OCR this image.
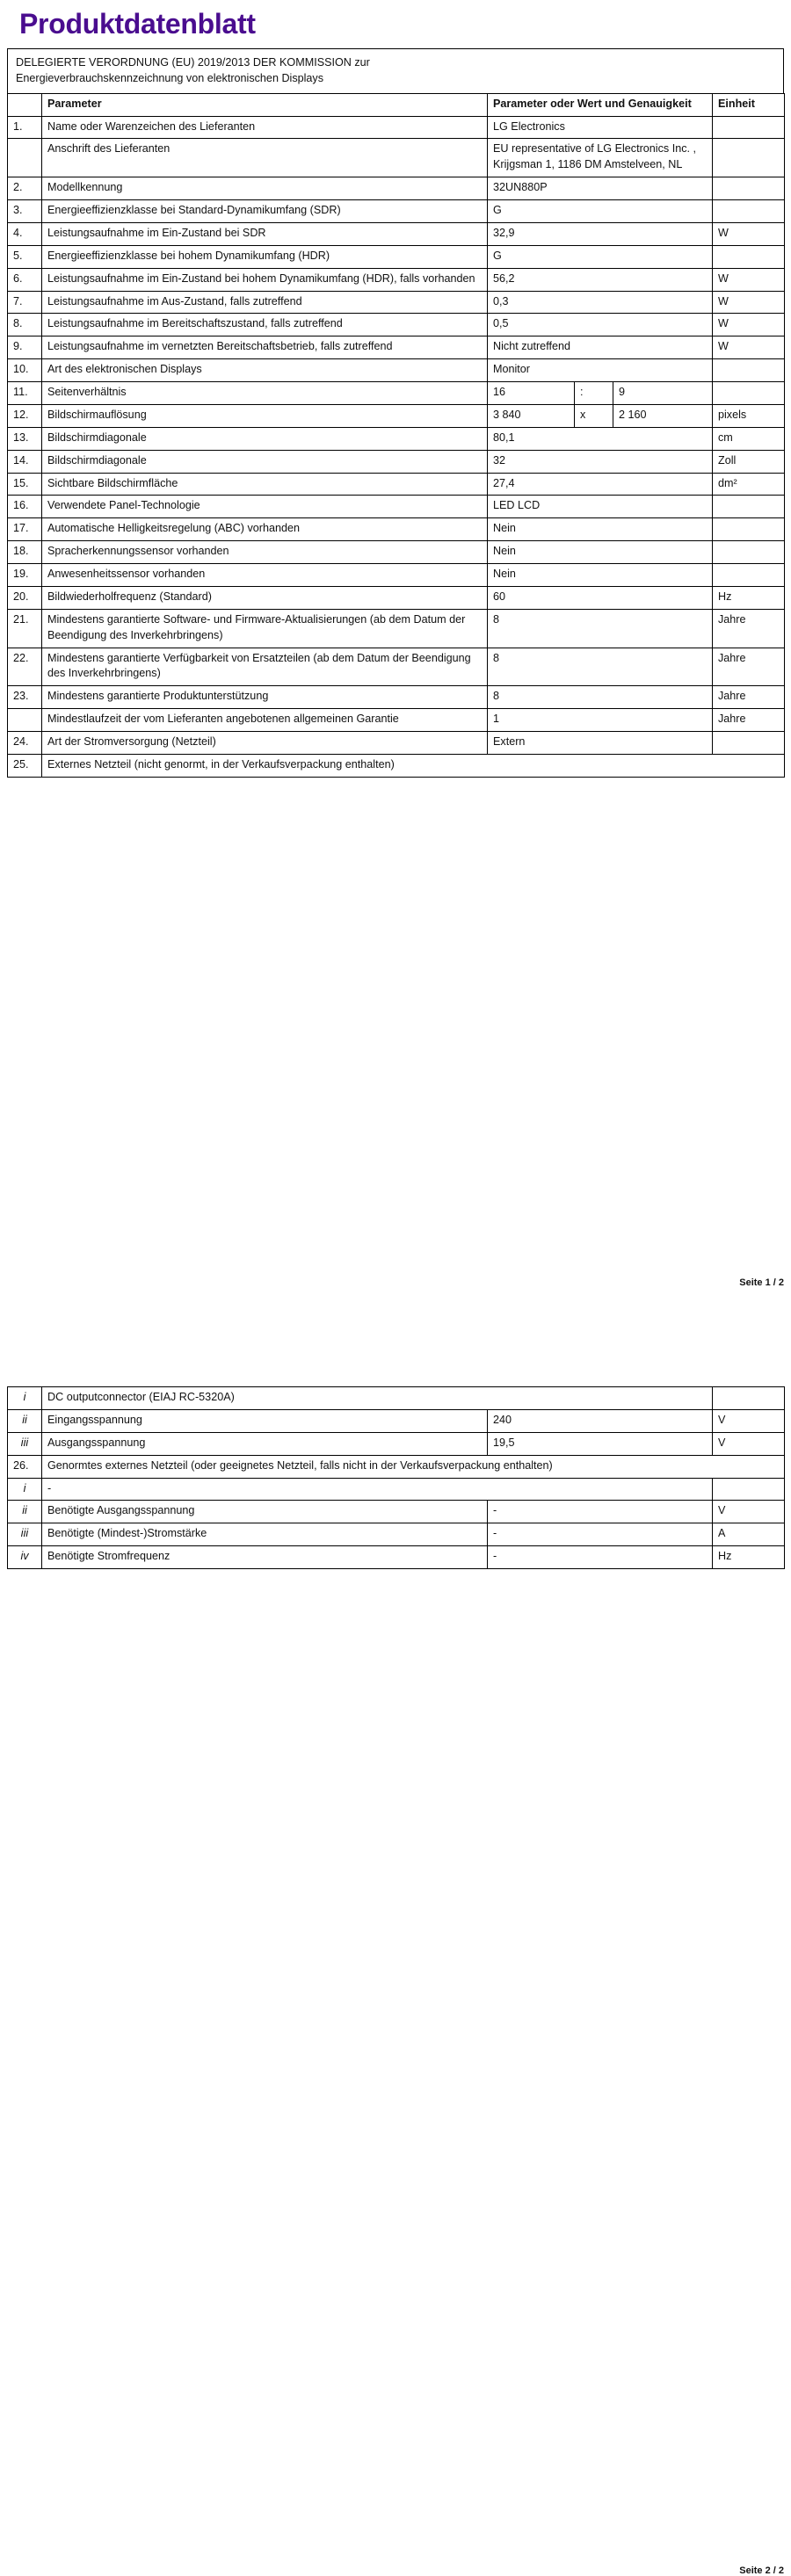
Produktdatenblatt
DELEGIERTE VERORDNUNG (EU) 2019/2013 DER KOMMISSION zur
Energieverbrauchskennzeichnung von elektronischen Displays
	Parameter	Parameter oder Wert und Genauigkeit			Einheit
1.	Name oder Warenzeichen des Lieferanten	LG Electronics			
	Anschrift des Lieferanten	EU representative of LG Electronics Inc. , Krijgsman 1, 1186 DM Amstelveen, NL			
2.	Modellkennung	32UN880P			
3.	Energieeffizienzklasse bei Standard-Dynamikumfang (SDR)	G			
4.	Leistungsaufnahme im Ein-Zustand bei SDR	32,9			W
5.	Energieeffizienzklasse bei hohem Dynamikumfang (HDR)	G			
6.	Leistungsaufnahme im Ein-Zustand bei hohem Dynamikumfang (HDR), falls vorhanden	56,2			W
7.	Leistungsaufnahme im Aus-Zustand, falls zutreffend	0,3			W
8.	Leistungsaufnahme im Bereitschaftszustand, falls zutreffend	0,5			W
9.	Leistungsaufnahme im vernetzten Bereitschaftsbetrieb, falls zutreffend	Nicht zutreffend			W
10.	Art des elektronischen Displays	Monitor			
11.	Seitenverhältnis	16	:	9	
12.	Bildschirmauflösung	3 840	x	2 160	pixels
13.	Bildschirmdiagonale	80,1			cm
14.	Bildschirmdiagonale	32			Zoll
15.	Sichtbare Bildschirmfläche	27,4			dm²
16.	Verwendete Panel-Technologie	LED LCD			
17.	Automatische Helligkeitsregelung (ABC) vorhanden	Nein			
18.	Spracherkennungssensor vorhanden	Nein			
19.	Anwesenheitssensor vorhanden	Nein			
20.	Bildwiederholfrequenz (Standard)	60			Hz
21.	Mindestens garantierte Software- und Firmware-Aktualisierungen (ab dem Datum der Beendigung des Inverkehrbringens)	8			Jahre
22.	Mindestens garantierte Verfügbarkeit von Ersatzteilen (ab dem Datum der Beendigung des Inverkehrbringens)	8			Jahre
23.	Mindestens garantierte Produktunterstützung	8			Jahre
	Mindestlaufzeit der vom Lieferanten angebotenen allgemeinen Garantie	1			Jahre
24.	Art der Stromversorgung (Netzteil)	Extern			
25.	Externes Netzteil (nicht genormt, in der Verkaufsverpackung enthalten)				
Seite 1 / 2
i	DC outputconnector (EIAJ RC-5320A)		
ii	Eingangsspannung	240	V
iii	Ausgangsspannung	19,5	V
26.	Genormtes externes Netzteil (oder geeignetes Netzteil, falls nicht in der Verkaufsverpackung enthalten)		
i	-		
ii	Benötigte Ausgangsspannung	-	V
iii	Benötigte (Mindest-)Stromstärke	-	A
iv	Benötigte Stromfrequenz	-	Hz
Seite 2 / 2
